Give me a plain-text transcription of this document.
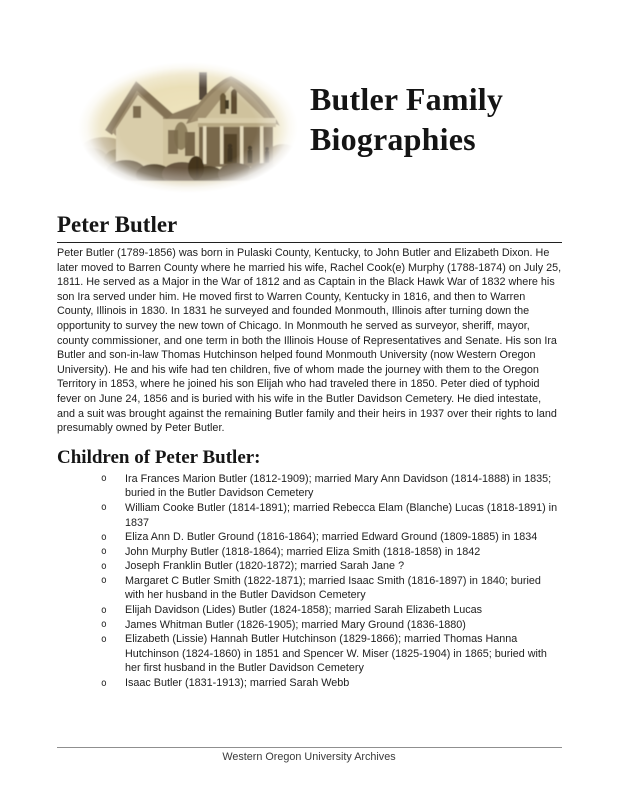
Butler Family
Biographies
Peter Butler

Peter Butler (1789-1856) was born in Pulaski County, Kentucky, to John Butler and Elizabeth Dixon. He later moved to Barren County where he married his wife, Rachel Cook(e) Murphy (1788-1874) on July 25, 1811. He served as a Major in the War of 1812 and as Captain in the Black Hawk War of 1832 where his son Ira served under him. He moved first to Warren County, Kentucky in 1816, and then to Warren County, Illinois in 1830. In 1831 he surveyed and founded Monmouth, Illinois after turning down the opportunity to survey the new town of Chicago. In Monmouth he served as surveyor, sheriff, mayor, county commissioner, and one term in both the Illinois House of Representatives and Senate. His son Ira Butler and son-in-law Thomas Hutchinson helped found Monmouth University (now Western Oregon University). He and his wife had ten children, five of whom made the journey with them to the Oregon Territory in 1853, where he joined his son Elijah who had traveled there in 1850. Peter died of typhoid fever on June 24, 1856 and is buried with his wife in the Butler Davidson Cemetery. He died intestate, and a suit was brought against the remaining Butler family and their heirs in 1937 over their rights to land presumably owned by Peter Butler.

Children of Peter Butler:
o Ira Frances Marion Butler (1812-1909); married Mary Ann Davidson (1814-1888) in 1835; buried in the Butler Davidson Cemetery
o William Cooke Butler (1814-1891); married Rebecca Elam (Blanche) Lucas (1818-1891) in 1837
o Eliza Ann D. Butler Ground (1816-1864); married Edward Ground (1809-1885) in 1834
o John Murphy Butler (1818-1864); married Eliza Smith (1818-1858) in 1842
o Joseph Franklin Butler (1820-1872); married Sarah Jane ?
o Margaret C Butler Smith (1822-1871); married Isaac Smith (1816-1897) in 1840; buried with her husband in the Butler Davidson Cemetery
o Elijah Davidson (Lides) Butler (1824-1858); married Sarah Elizabeth Lucas
o James Whitman Butler (1826-1905); married Mary Ground (1836-1880)
o Elizabeth (Lissie) Hannah Butler Hutchinson (1829-1866); married Thomas Hanna Hutchinson (1824-1860) in 1851 and Spencer W. Miser (1825-1904) in 1865; buried with her first husband in the Butler Davidson Cemetery
o Isaac Butler (1831-1913); married Sarah Webb
Western Oregon University Archives
